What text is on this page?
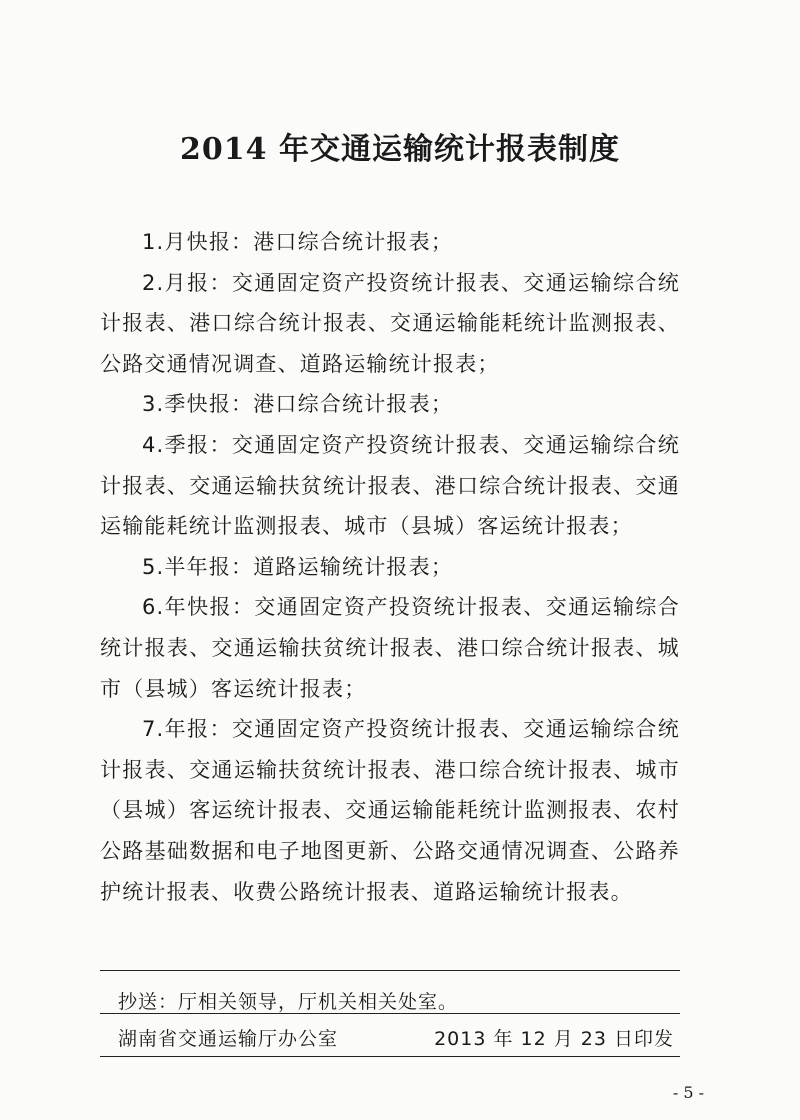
2014 年交通运输统计报表制度

1.月快报：港口综合统计报表；

2.月报：交通固定资产投资统计报表、交通运输综合统计报表、港口综合统计报表、交通运输能耗统计监测报表、公路交通情况调查、道路运输统计报表；

3.季快报：港口综合统计报表；

4.季报：交通固定资产投资统计报表、交通运输综合统计报表、交通运输扶贫统计报表、港口综合统计报表、交通运输能耗统计监测报表、城市（县城）客运统计报表；

5.半年报：道路运输统计报表；

6.年快报：交通固定资产投资统计报表、交通运输综合统计报表、交通运输扶贫统计报表、港口综合统计报表、城市（县城）客运统计报表；

7.年报：交通固定资产投资统计报表、交通运输综合统计报表、交通运输扶贫统计报表、港口综合统计报表、城市（县城）客运统计报表、交通运输能耗统计监测报表、农村公路基础数据和电子地图更新、公路交通情况调查、公路养护统计报表、收费公路统计报表、道路运输统计报表。

抄送：厅相关领导，厅机关相关处室。
湖南省交通运输厅办公室	2013 年 12 月 23 日印发
- 5 -
